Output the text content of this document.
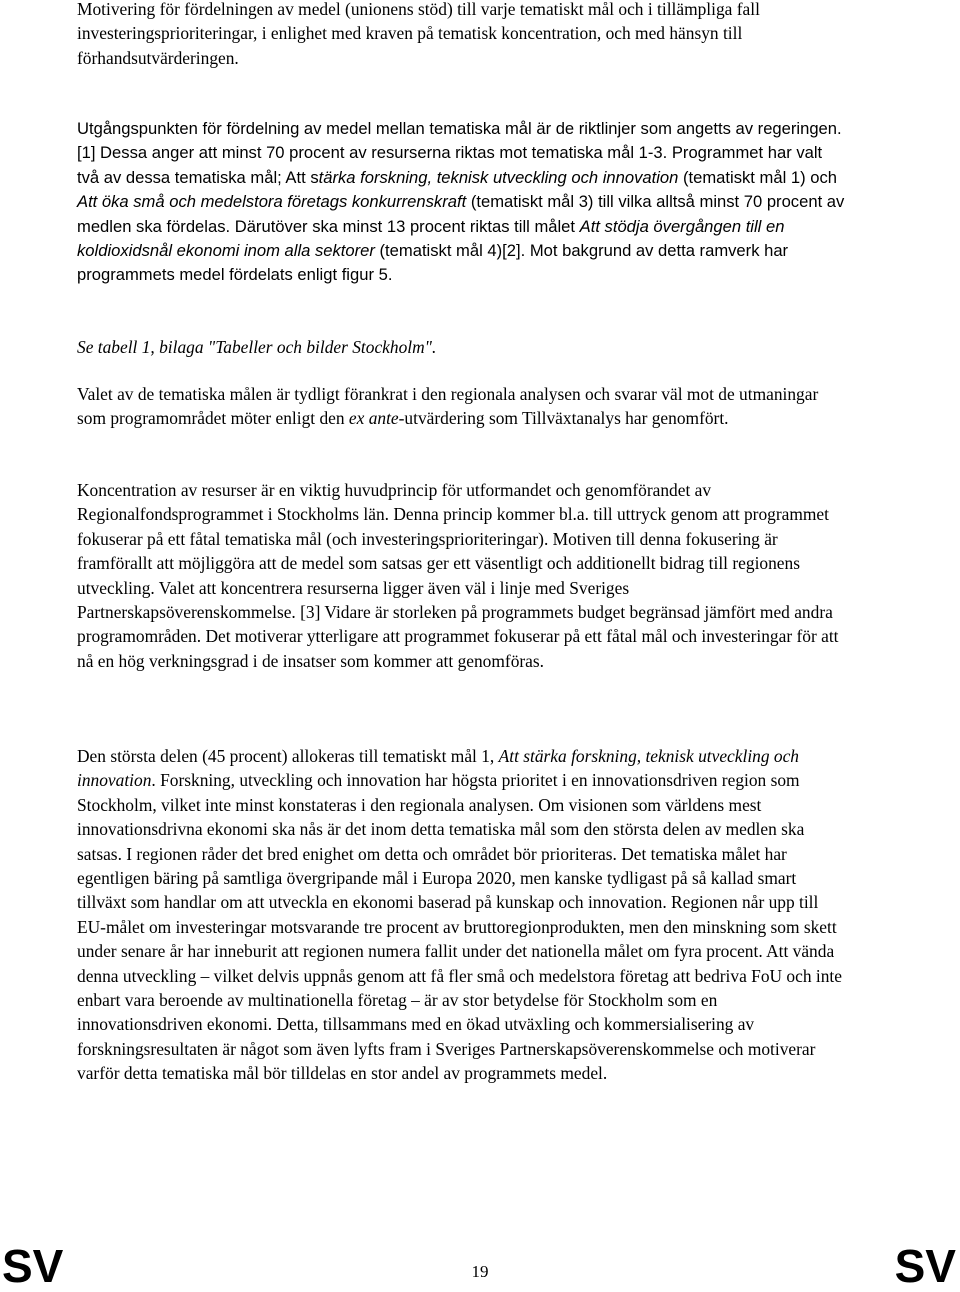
Motivering för fördelningen av medel (unionens stöd) till varje tematiskt mål och i tillämpliga fall investeringsprioriteringar, i enlighet med kraven på tematisk koncentration, och med hänsyn till förhandsutvärderingen.

Utgångspunkten för fördelning av medel mellan tematiska mål är de riktlinjer som angetts av regeringen.[1] Dessa anger att minst 70 procent av resurserna riktas mot tematiska mål 1-3. Programmet har valt två av dessa tematiska mål; Att stärka forskning, teknisk utveckling och innovation (tematiskt mål 1) och Att öka små och medelstora företags konkurrenskraft (tematiskt mål 3) till vilka alltså minst 70 procent av medlen ska fördelas. Därutöver ska minst 13 procent riktas till målet Att stödja övergången till en koldioxidsnål ekonomi inom alla sektorer (tematiskt mål 4)[2]. Mot bakgrund av detta ramverk har programmets medel fördelats enligt figur 5.

Se tabell 1, bilaga "Tabeller och bilder Stockholm".

Valet av de tematiska målen är tydligt förankrat i den regionala analysen och svarar väl mot de utmaningar som programområdet möter enligt den ex ante-utvärdering som Tillväxtanalys har genomfört.

Koncentration av resurser är en viktig huvudprincip för utformandet och genomförandet av Regionalfondsprogrammet i Stockholms län. Denna princip kommer bl.a. till uttryck genom att programmet fokuserar på ett fåtal tematiska mål (och investeringsprioriteringar). Motiven till denna fokusering är framförallt att möjliggöra att de medel som satsas ger ett väsentligt och additionellt bidrag till regionens utveckling. Valet att koncentrera resurserna ligger även väl i linje med Sveriges Partnerskapsöverenskommelse. [3] Vidare är storleken på programmets budget begränsad jämfört med andra programområden. Det motiverar ytterligare att programmet fokuserar på ett fåtal mål och investeringar för att nå en hög verkningsgrad i de insatser som kommer att genomföras.

Den största delen (45 procent) allokeras till tematiskt mål 1, Att stärka forskning, teknisk utveckling och innovation. Forskning, utveckling och innovation har högsta prioritet i en innovationsdriven region som Stockholm, vilket inte minst konstateras i den regionala analysen. Om visionen som världens mest innovationsdrivna ekonomi ska nås är det inom detta tematiska mål som den största delen av medlen ska satsas. I regionen råder det bred enighet om detta och området bör prioriteras. Det tematiska målet har egentligen bäring på samtliga övergripande mål i Europa 2020, men kanske tydligast på så kallad smart tillväxt som handlar om att utveckla en ekonomi baserad på kunskap och innovation. Regionen når upp till EU-målet om investeringar motsvarande tre procent av bruttoregionprodukten, men den minskning som skett under senare år har inneburit att regionen numera fallit under det nationella målet om fyra procent. Att vända denna utveckling – vilket delvis uppnås genom att få fler små och medelstora företag att bedriva FoU och inte enbart vara beroende av multinationella företag – är av stor betydelse för Stockholm som en innovationsdriven ekonomi. Detta, tillsammans med en ökad utväxling och kommersialisering av forskningsresultaten är något som även lyfts fram i Sveriges Partnerskapsöverenskommelse och motiverar varför detta tematiska mål bör tilldelas en stor andel av programmets medel.

SV	19	SV
